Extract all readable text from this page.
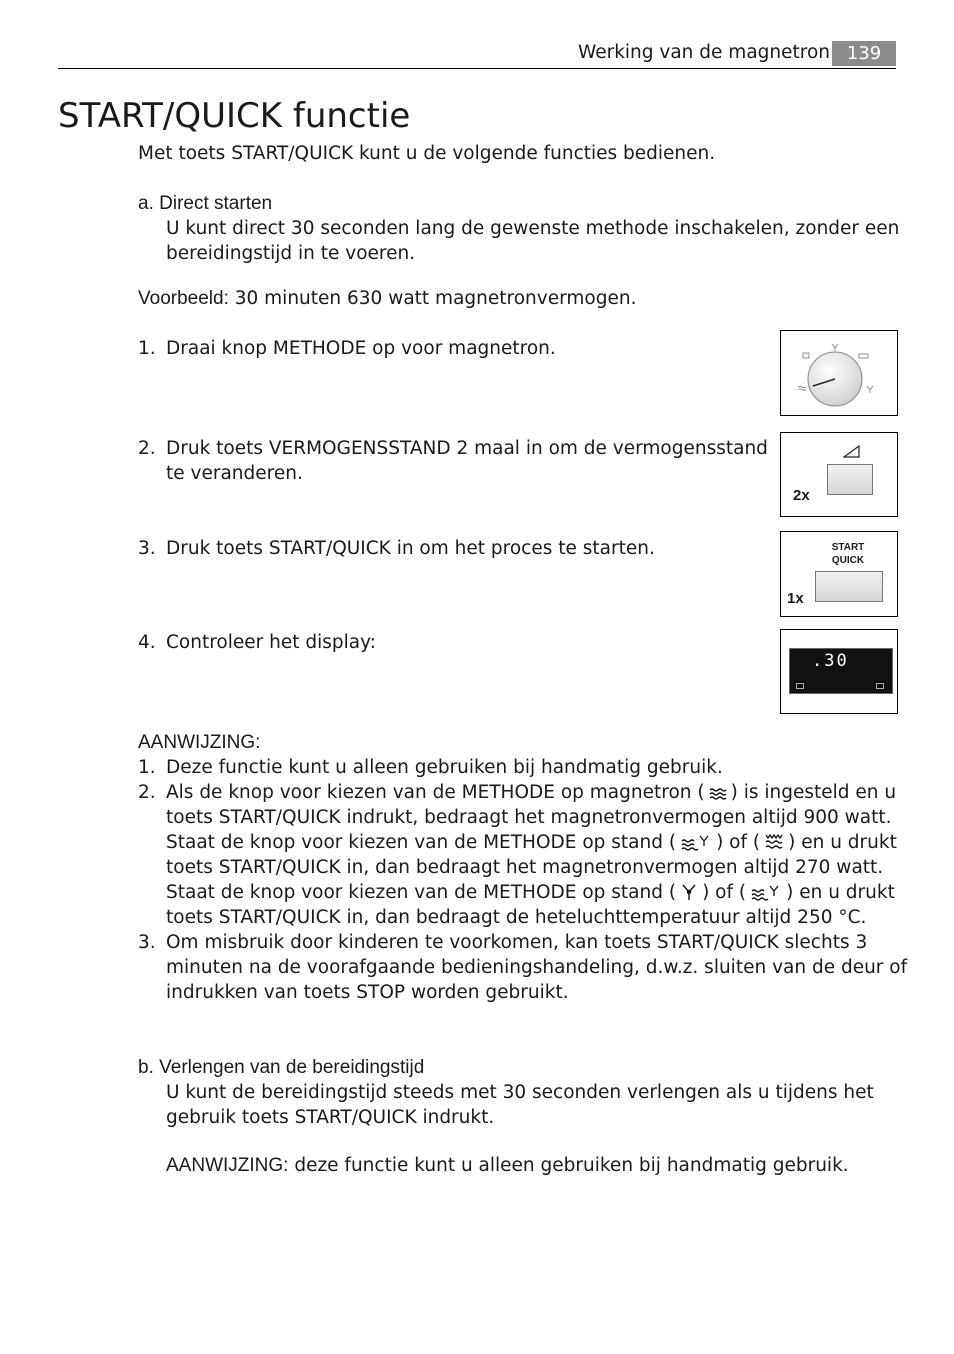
Werking van de magnetron 139
START/QUICK functie
Met toets START/QUICK kunt u de volgende functies bedienen.
a. Direct starten
U kunt direct 30 seconden lang de gewenste methode inschakelen, zonder een
bereidingstijd in te voeren.
Voorbeeld: 30 minuten 630 watt magnetronvermogen.
1. Draai knop METHODE op voor magnetron.
2. Druk toets VERMOGENSSTAND 2 maal in om de vermogensstand
te veranderen.
3. Druk toets START/QUICK in om het proces te starten.
4. Controleer het display:
2x
START
QUICK
1x
.30
AANWIJZING:
1. Deze functie kunt u alleen gebruiken bij handmatig gebruik.
2. Als de knop voor kiezen van de METHODE op magnetron ( ) is ingesteld en u
toets START/QUICK indrukt, bedraagt het magnetronvermogen altijd 900 watt.
Staat de knop voor kiezen van de METHODE op stand ( ) of ( ) en u drukt
toets START/QUICK in, dan bedraagt het magnetronvermogen altijd 270 watt.
Staat de knop voor kiezen van de METHODE op stand ( ) of ( ) en u drukt
toets START/QUICK in, dan bedraagt de heteluchttemperatuur altijd 250 °C.
3. Om misbruik door kinderen te voorkomen, kan toets START/QUICK slechts 3
minuten na de voorafgaande bedieningshandeling, d.w.z. sluiten van de deur of
indrukken van toets STOP worden gebruikt.
b. Verlengen van de bereidingstijd
U kunt de bereidingstijd steeds met 30 seconden verlengen als u tijdens het
gebruik toets START/QUICK indrukt.
AANWIJZING: deze functie kunt u alleen gebruiken bij handmatig gebruik.
